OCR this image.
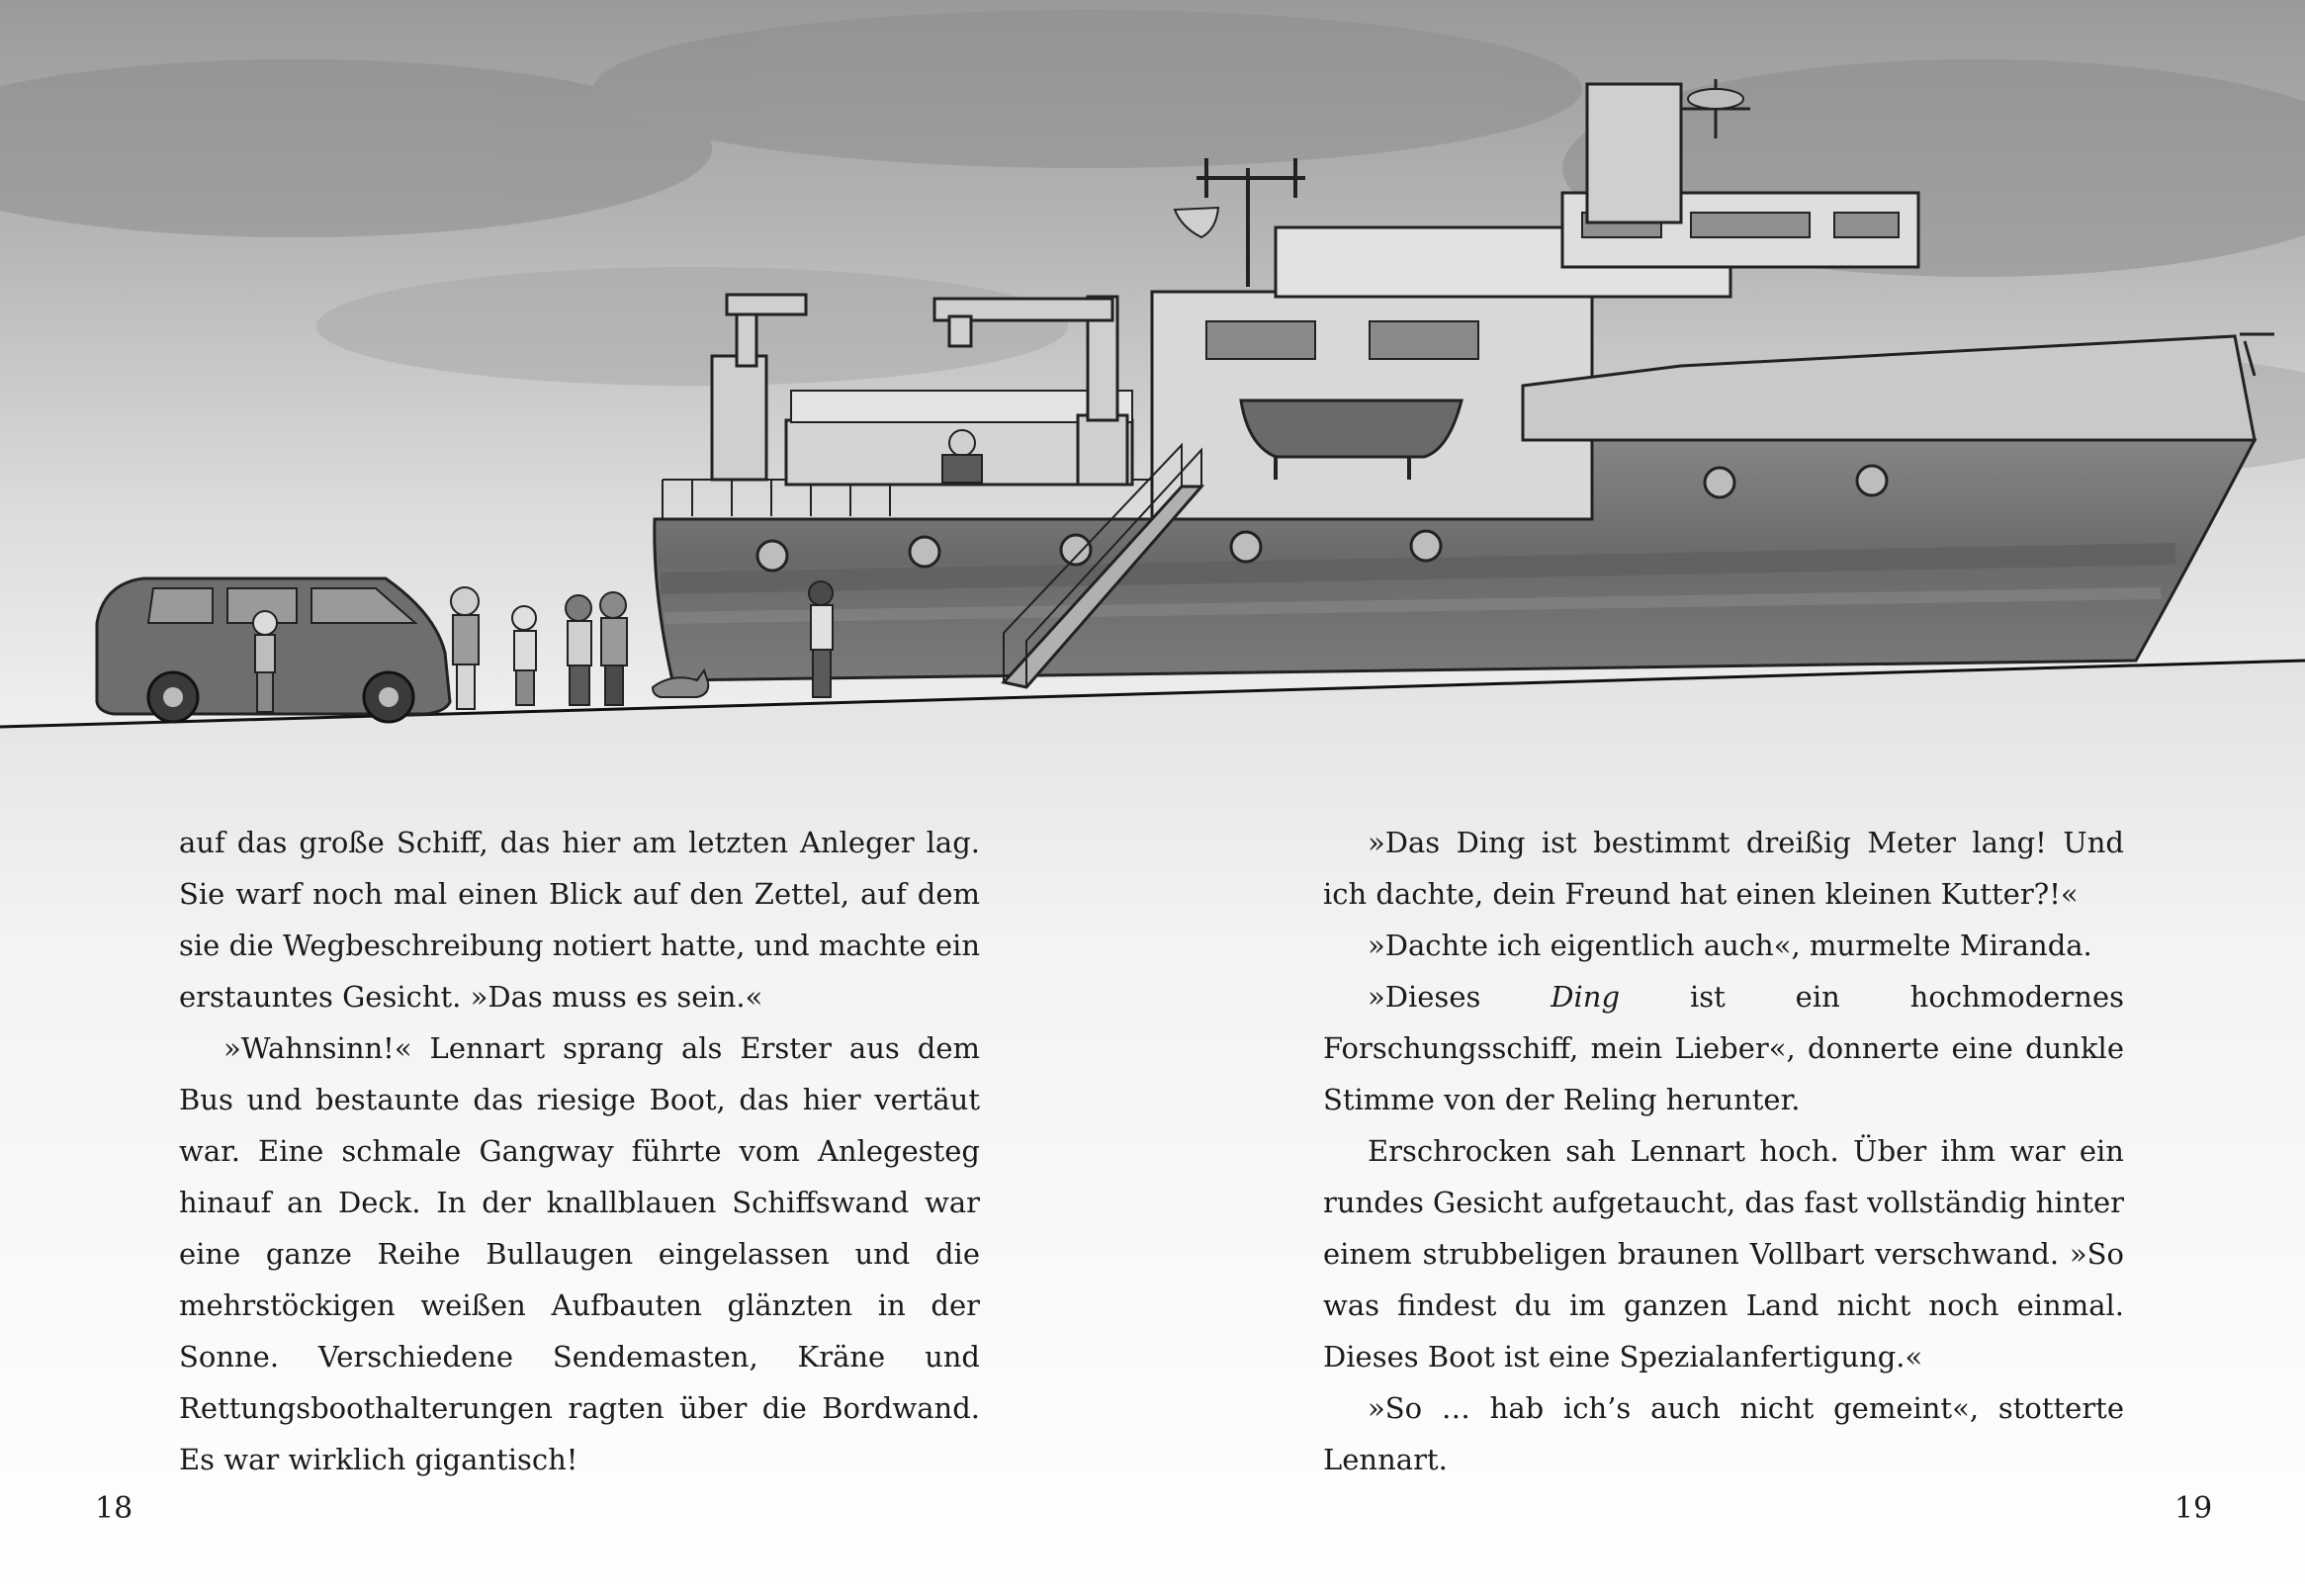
auf das große Schiff, das hier am letzten Anleger lag. Sie warf noch mal einen Blick auf den Zettel, auf dem sie die Wegbeschreibung notiert hatte, und machte ein erstauntes Gesicht. »Das muss es sein.«

»Wahnsinn!« Lennart sprang als Erster aus dem Bus und bestaunte das riesige Boot, das hier vertäut war. Eine schmale Gangway führte vom Anlegesteg hinauf an Deck. In der knallblauen Schiffswand war eine ganze Reihe Bullaugen eingelassen und die mehrstöckigen weißen Aufbauten glänzten in der Sonne. Verschiedene Sendemasten, Kräne und Rettungsboothalterungen ragten über die Bordwand. Es war wirklich gigantisch!

»Das Ding ist bestimmt dreißig Meter lang! Und ich dachte, dein Freund hat einen kleinen Kutter?!«

»Dachte ich eigentlich auch«, murmelte Miranda.

»Dieses Ding ist ein hochmodernes Forschungsschiff, mein Lieber«, donnerte eine dunkle Stimme von der Reling herunter.

Erschrocken sah Lennart hoch. Über ihm war ein rundes Gesicht aufgetaucht, das fast vollständig hinter einem strubbeligen braunen Vollbart verschwand. »So was findest du im ganzen Land nicht noch einmal. Dieses Boot ist eine Spezialanfertigung.«

»So … hab ich’s auch nicht gemeint«, stotterte Lennart.

18	19
